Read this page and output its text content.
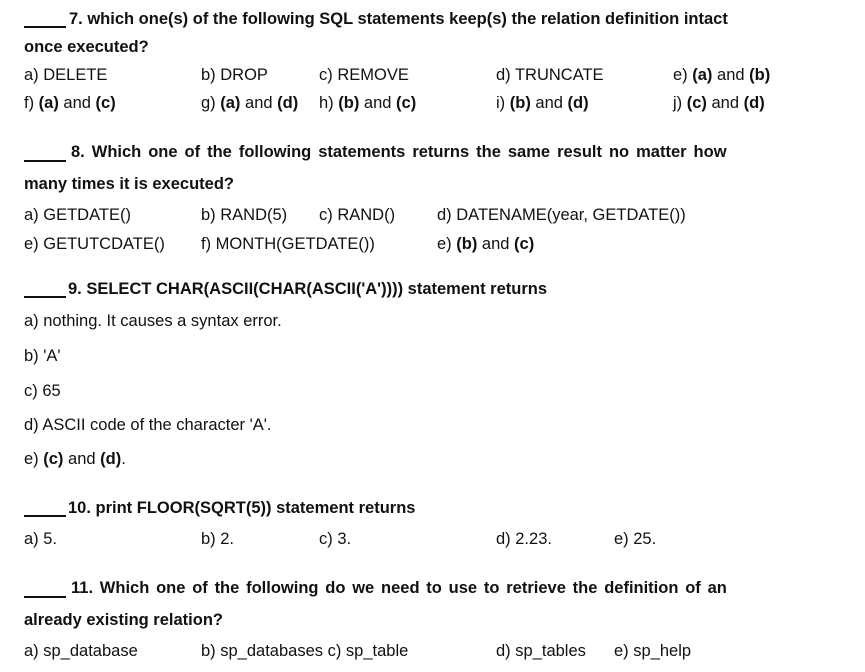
7. which one(s) of the following SQL statements keep(s) the relation definition intact
once executed?
a) DELETE	b) DROP	c) REMOVE	d) TRUNCATE	e) (a) and (b)
f) (a) and (c)	g) (a) and (d) h) (b) and (c)	i) (b) and (d)	j) (c) and (d)
8. Which one of the following statements returns the same result no matter how
many times it is executed?
a) GETDATE()	b) RAND(5) c) RAND()	d) DATENAME(year, GETDATE())
e) GETUTCDATE() f) MONTH(GETDATE())	e) (b) and (c)
9. SELECT CHAR(ASCII(CHAR(ASCII('A')))) statement returns
a) nothing. It causes a syntax error.
b) 'A'
c) 65
d) ASCII code of the character 'A'.
e) (c) and (d).
10. print FLOOR(SQRT(5)) statement returns
a) 5.	b) 2.	c) 3.	d) 2.23.	e) 25.
11. Which one of the following do we need to use to retrieve the definition of an
already existing relation?
a) sp_database	b) sp_databases c) sp_table	d) sp_tables e) sp_help
